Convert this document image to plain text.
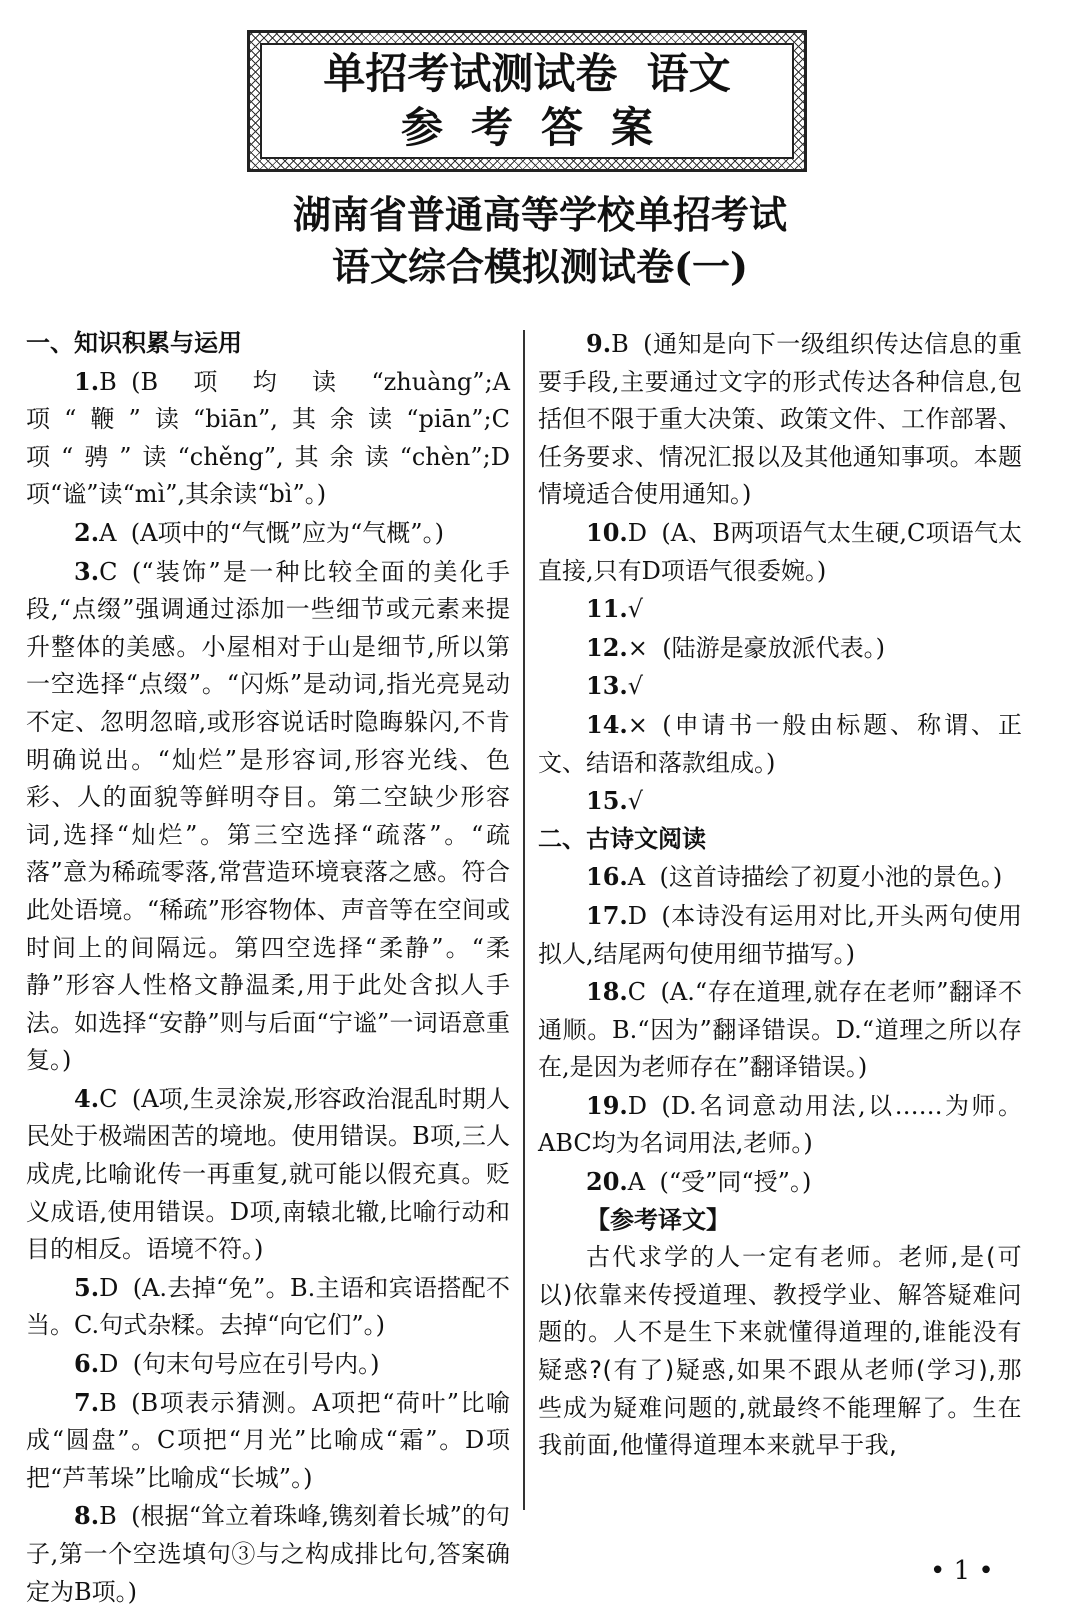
单招考试测试卷  语文
参考答案
湖南省普通高等学校单招考试
语文综合模拟测试卷(一)

一、知识积累与运用

1.B (B项均读“zhuàng”;A项“鞭”读“biān”,其余读“piān”;C项“骋”读“chěng”,其余读“chèn”;D项“谧”读“mì”,其余读“bì”。)

2.A (A项中的“气慨”应为“气概”。)

3.C (“装饰”是一种比较全面的美化手段,“点缀”强调通过添加一些细节或元素来提升整体的美感。小屋相对于山是细节,所以第一空选择“点缀”。“闪烁”是动词,指光亮晃动不定、忽明忽暗,或形容说话时隐晦躲闪,不肯明确说出。“灿烂”是形容词,形容光线、色彩、人的面貌等鲜明夺目。第二空缺少形容词,选择“灿烂”。第三空选择“疏落”。“疏落”意为稀疏零落,常营造环境衰落之感。符合此处语境。“稀疏”形容物体、声音等在空间或时间上的间隔远。第四空选择“柔静”。“柔静”形容人性格文静温柔,用于此处含拟人手法。如选择“安静”则与后面“宁谧”一词语意重复。)

4.C (A项,生灵涂炭,形容政治混乱时期人民处于极端困苦的境地。使用错误。B项,三人成虎,比喻讹传一再重复,就可能以假充真。贬义成语,使用错误。D项,南辕北辙,比喻行动和目的相反。语境不符。)

5.D (A.去掉“免”。B.主语和宾语搭配不当。C.句式杂糅。去掉“向它们”。)

6.D (句末句号应在引号内。)

7.B (B项表示猜测。A项把“荷叶”比喻成“圆盘”。C项把“月光”比喻成“霜”。D项把“芦苇垛”比喻成“长城”。)

8.B (根据“耸立着珠峰,镌刻着长城”的句子,第一个空选填句③与之构成排比句,答案确定为B项。)

9.B (通知是向下一级组织传达信息的重要手段,主要通过文字的形式传达各种信息,包括但不限于重大决策、政策文件、工作部署、任务要求、情况汇报以及其他通知事项。本题情境适合使用通知。)

10.D (A、B两项语气太生硬,C项语气太直接,只有D项语气很委婉。)

11.√

12.× (陆游是豪放派代表。)

13.√

14.× (申请书一般由标题、称谓、正文、结语和落款组成。)

15.√

二、古诗文阅读

16.A (这首诗描绘了初夏小池的景色。)

17.D (本诗没有运用对比,开头两句使用拟人,结尾两句使用细节描写。)

18.C (A.“存在道理,就存在老师”翻译不通顺。B.“因为”翻译错误。D.“道理之所以存在,是因为老师存在”翻译错误。)

19.D (D.名词意动用法,以……为师。ABC均为名词用法,老师。)

20.A (“受”同“授”。)

【参考译文】

古代求学的人一定有老师。老师,是(可以)依靠来传授道理、教授学业、解答疑难问题的。人不是生下来就懂得道理的,谁能没有疑惑?(有了)疑惑,如果不跟从老师(学习),那些成为疑难问题的,就最终不能理解了。生在我前面,他懂得道理本来就早于我,

• 1 •
